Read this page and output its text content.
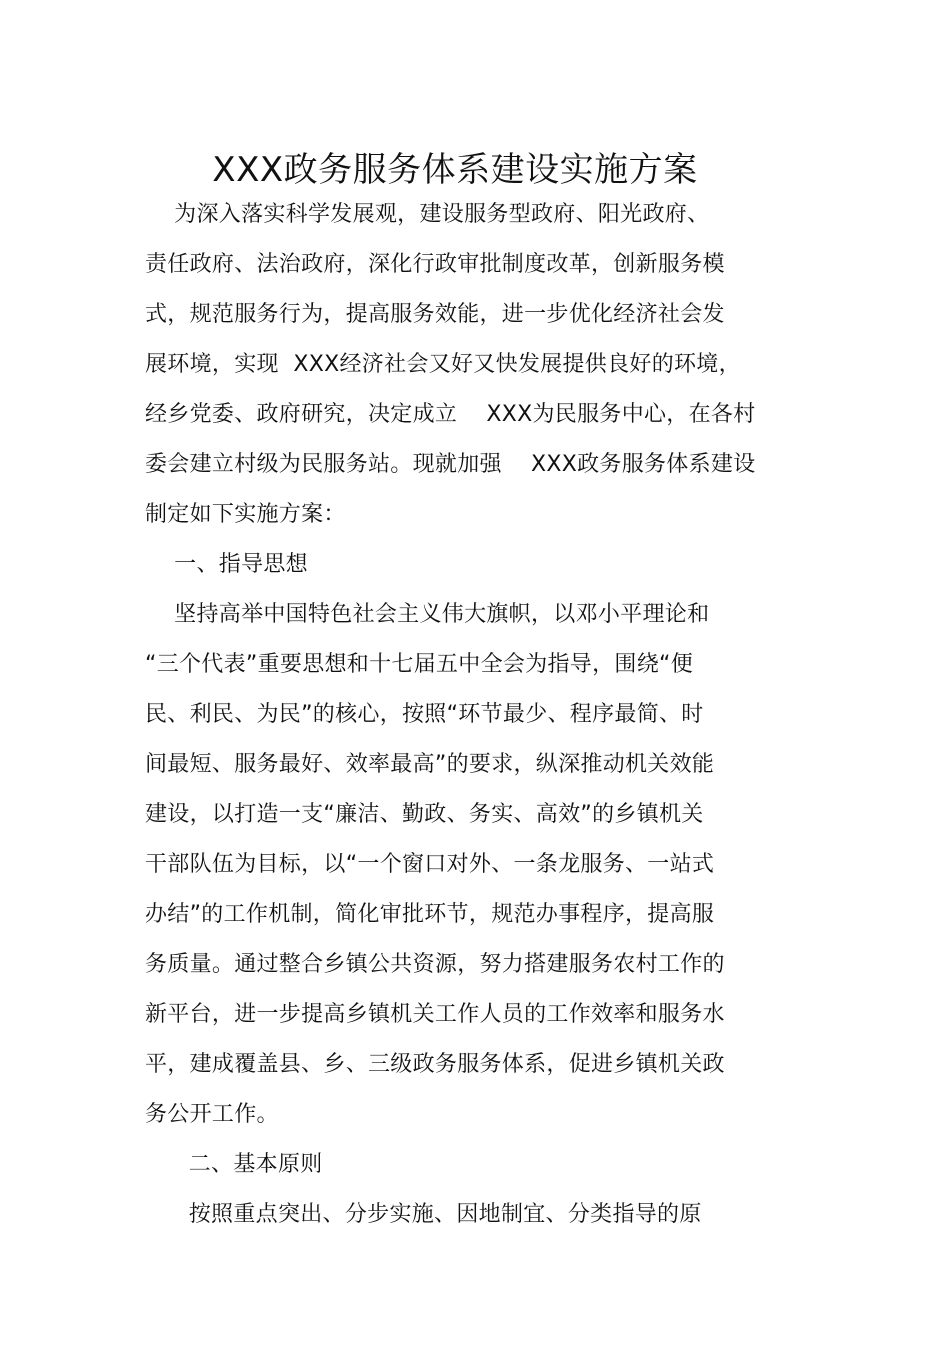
XXX政务服务体系建设实施方案
为深入落实科学发展观，建设服务型政府、阳光政府、
责任政府、法治政府，深化行政审批制度改革，创新服务模
式，规范服务行为，提高服务效能，进一步优化经济社会发
展环境，实现  XXX经济社会又好又快发展提供良好的环境，
经乡党委、政府研究，决定成立    XXX为民服务中心，在各村
委会建立村级为民服务站。现就加强    XXX政务服务体系建设
制定如下实施方案：
一、指导思想
坚持高举中国特色社会主义伟大旗帜，以邓小平理论和
“三个代表”重要思想和十七届五中全会为指导，围绕“便
民、利民、为民”的核心，按照“环节最少、程序最简、时
间最短、服务最好、效率最高”的要求，纵深推动机关效能
建设，以打造一支“廉洁、勤政、务实、高效”的乡镇机关
干部队伍为目标，以“一个窗口对外、一条龙服务、一站式
办结”的工作机制，简化审批环节，规范办事程序，提高服
务质量。通过整合乡镇公共资源，努力搭建服务农村工作的
新平台，进一步提高乡镇机关工作人员的工作效率和服务水
平，建成覆盖县、乡、三级政务服务体系，促进乡镇机关政
务公开工作。
二、基本原则
按照重点突出、分步实施、因地制宜、分类指导的原
